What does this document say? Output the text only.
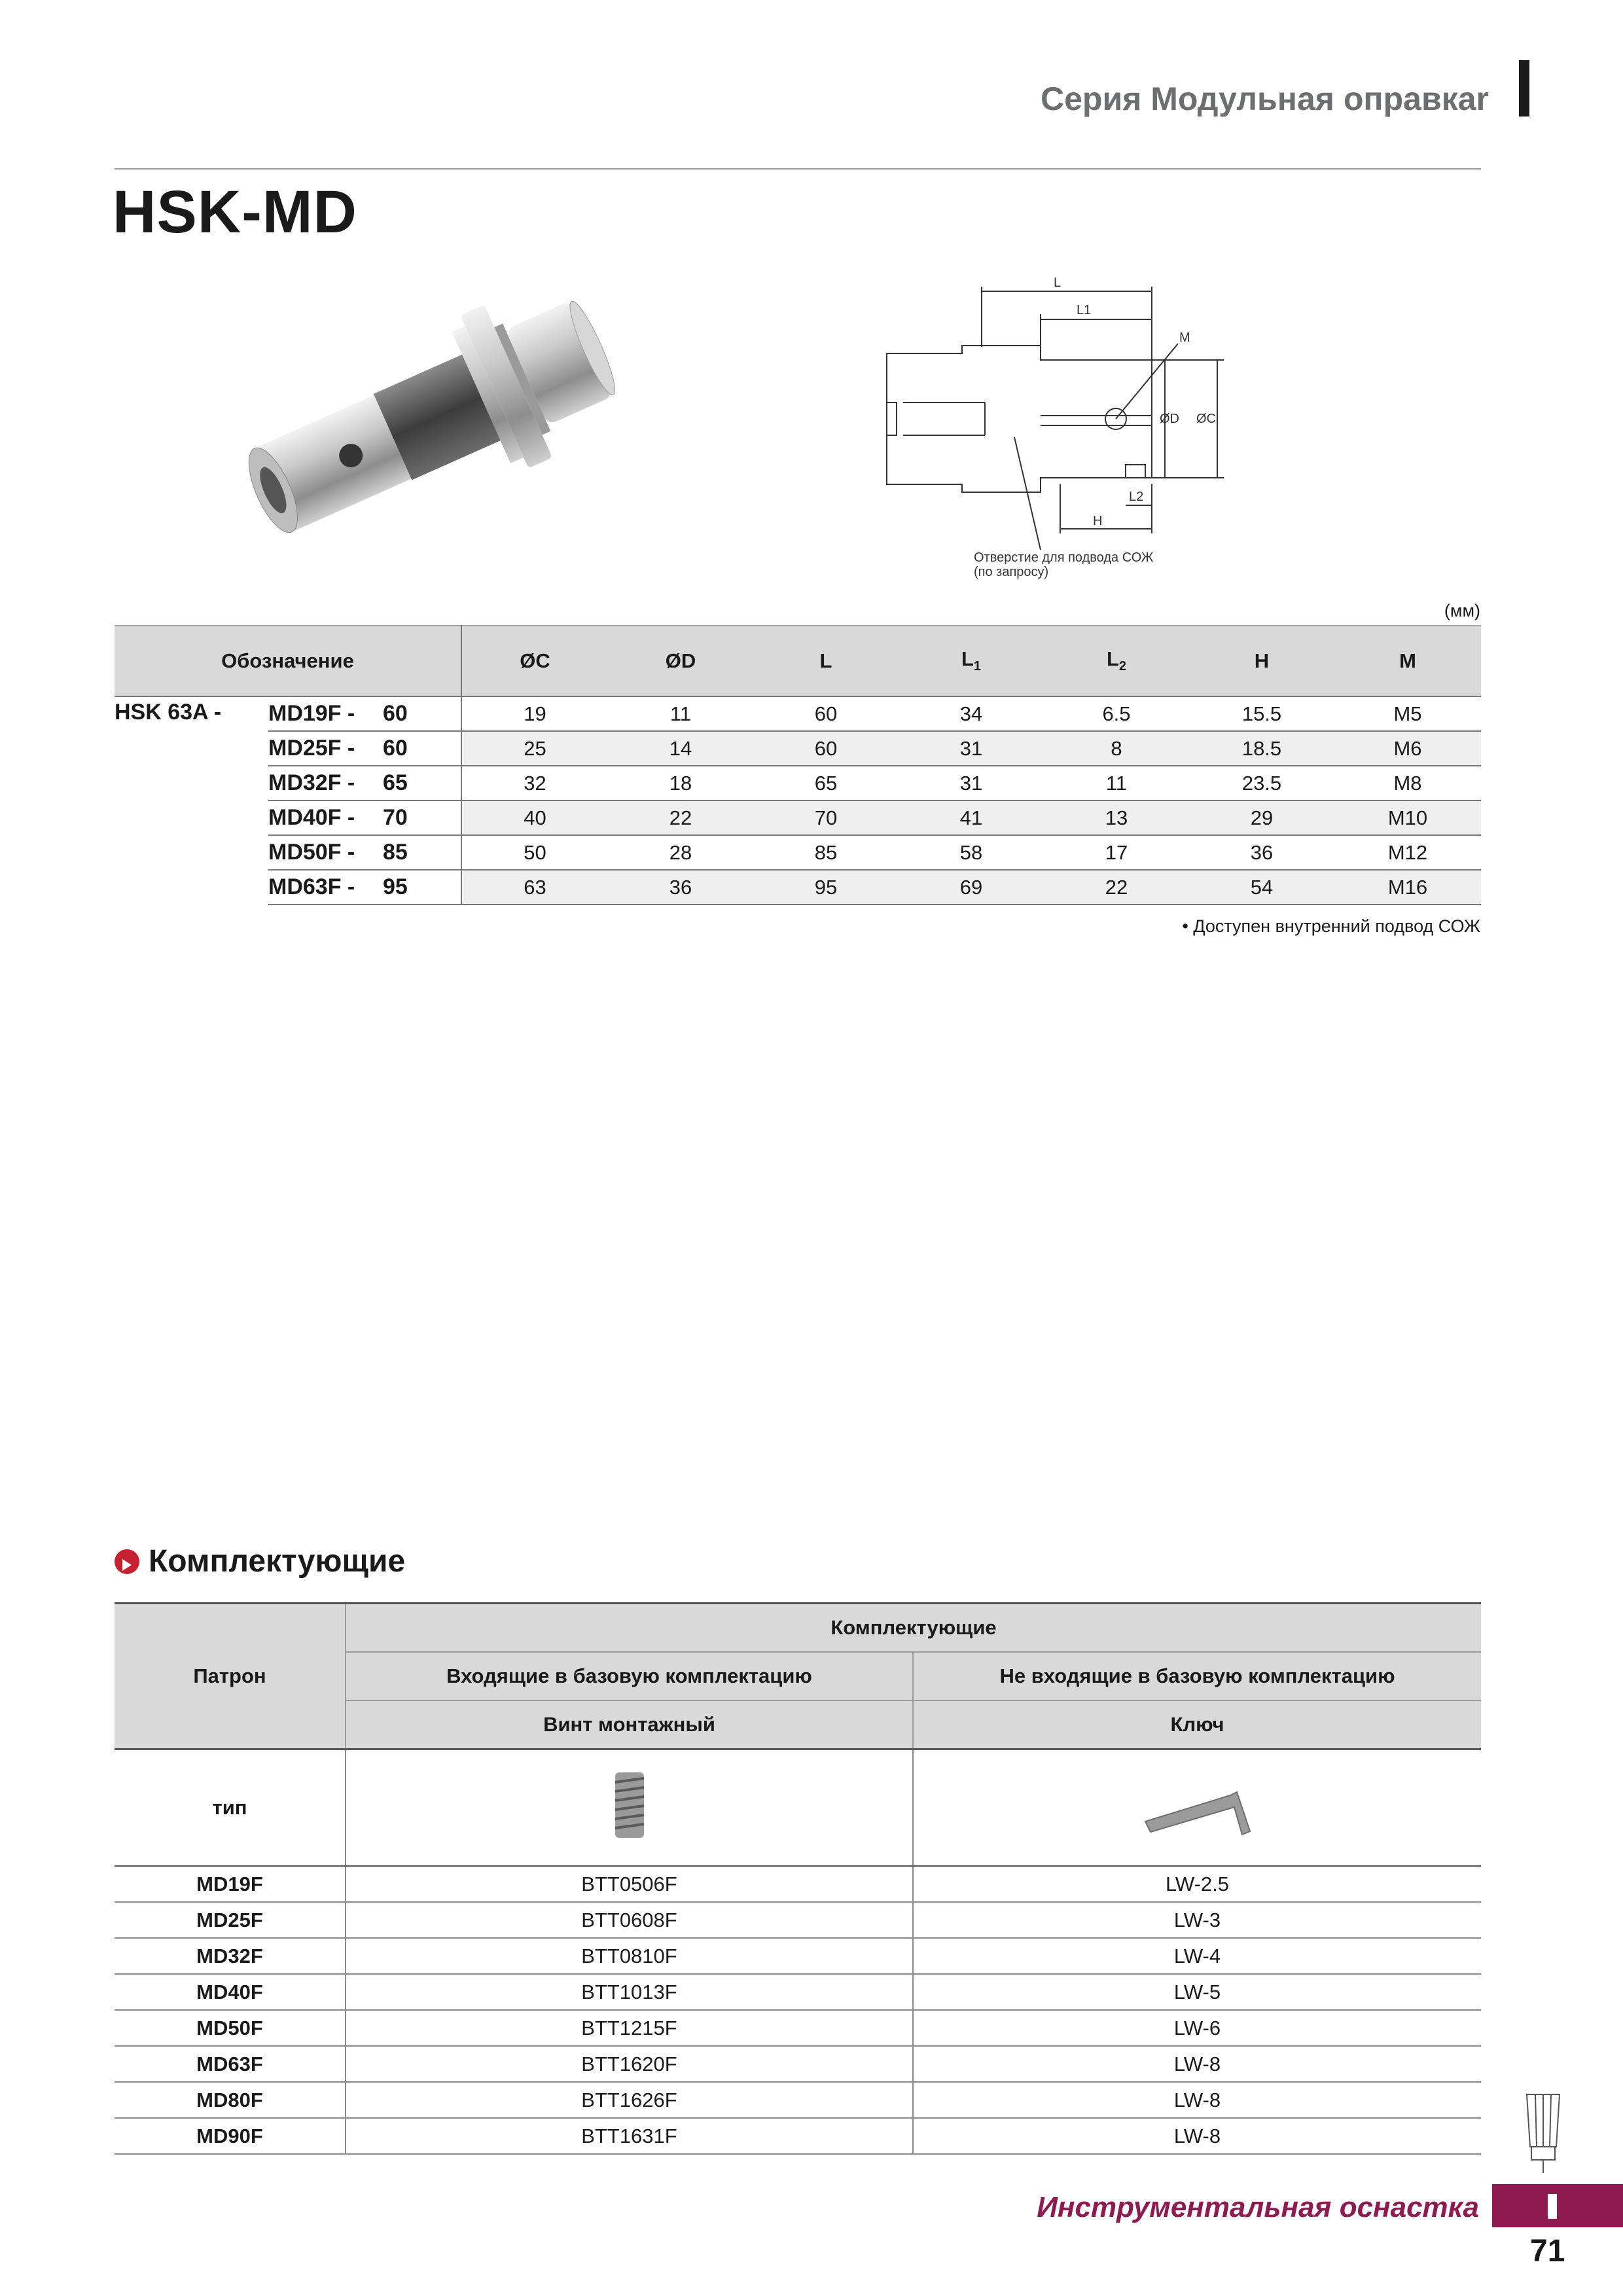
Серия Модульная оправкаr
HSK-MD
L
L1
M
ØD ØC
L2
H
Отверстие для подвода СОЖ
(по запросу)
(мм)
Обозначение			ØC	ØD	L	$L_1$	$L_2$	H	M
HSK 63A -	MD19F -	60	19	11	60	34	6.5	15.5	M5
	MD25F -	60	25	14	60	31	8	18.5	M6
	MD32F -	65	32	18	65	31	11	23.5	M8
	MD40F -	70	40	22	70	41	13	29	M10
	MD50F -	85	50	28	85	58	17	36	M12
	MD63F -	95	63	36	95	69	22	54	M16
• Доступен внутренний подвод СОЖ
Комплектующие
Патрон	Комплектующие	
	Входящие в базовую комплектацию	Не входящие в базовую комплектацию
	Винт монтажный	Ключ
тип		
MD19F	BTT0506F	LW-2.5
MD25F	BTT0608F	LW-3
MD32F	BTT0810F	LW-4
MD40F	BTT1013F	LW-5
MD50F	BTT1215F	LW-6
MD63F	BTT1620F	LW-8
MD80F	BTT1626F	LW-8
MD90F	BTT1631F	LW-8
Инструментальная оснастка
71
